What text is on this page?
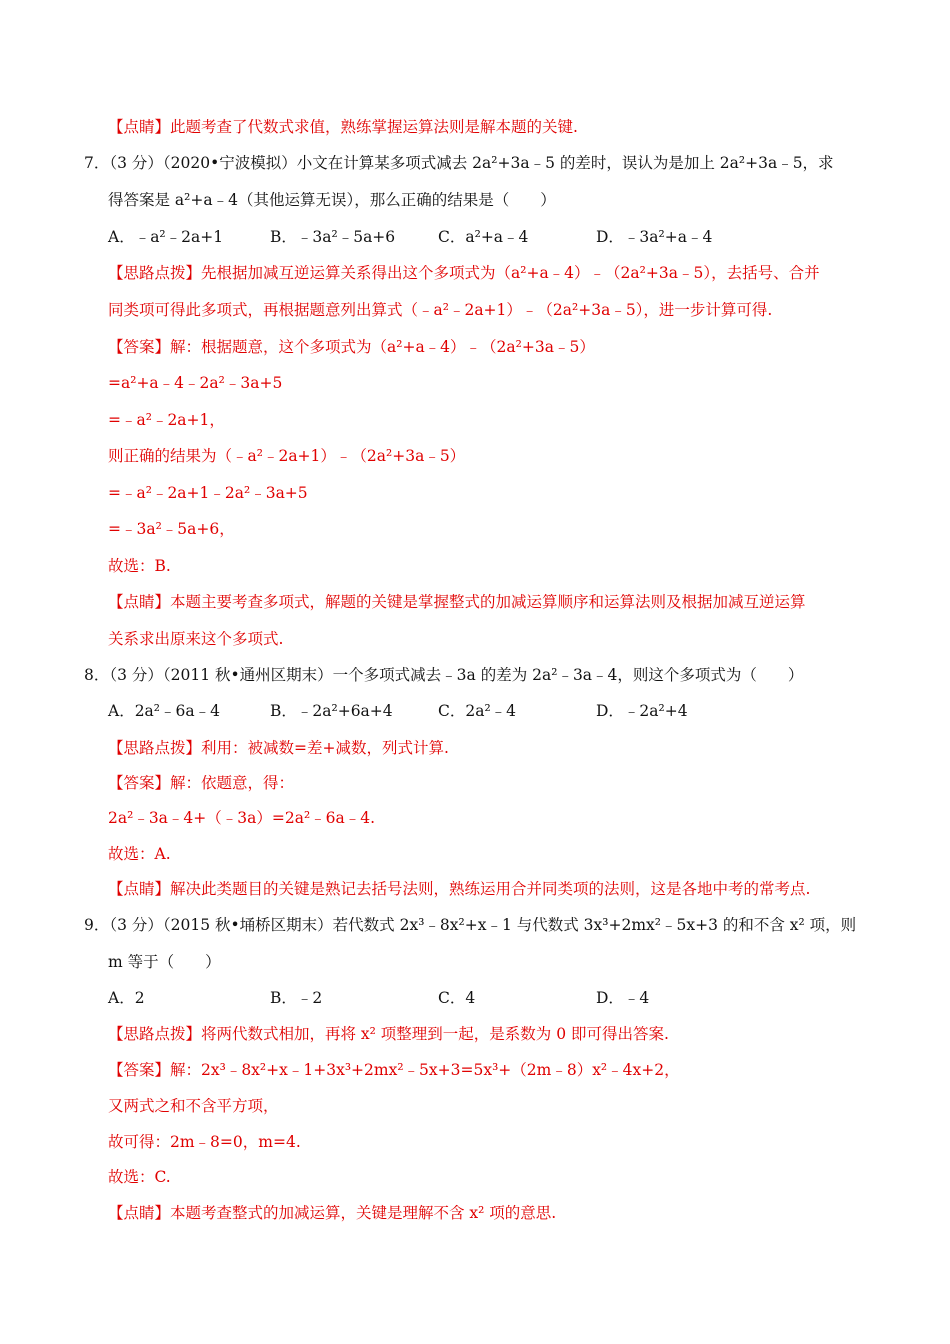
【点睛】此题考查了代数式求值，熟练掌握运算法则是解本题的关键.
7．（3 分）（2020•宁波模拟）小文在计算某多项式减去 2a²+3a﹣5 的差时，误认为是加上 2a²+3a﹣5，求
得答案是 a²+a﹣4（其他运算无误），那么正确的结果是（　　）
A．﹣a²﹣2a+1	B．﹣3a²﹣5a+6	C．a²+a﹣4	D．﹣3a²+a﹣4
【思路点拨】先根据加减互逆运算关系得出这个多项式为（a²+a﹣4）﹣（2a²+3a﹣5），去括号、合并
同类项可得此多项式，再根据题意列出算式（﹣a²﹣2a+1）﹣（2a²+3a﹣5），进一步计算可得.
【答案】解：根据题意，这个多项式为（a²+a﹣4）﹣（2a²+3a﹣5）
=a²+a﹣4﹣2a²﹣3a+5
=﹣a²﹣2a+1，
则正确的结果为（﹣a²﹣2a+1）﹣（2a²+3a﹣5）
=﹣a²﹣2a+1﹣2a²﹣3a+5
=﹣3a²﹣5a+6，
故选：B.
【点睛】本题主要考查多项式，解题的关键是掌握整式的加减运算顺序和运算法则及根据加减互逆运算
关系求出原来这个多项式.
8．（3 分）（2011 秋•通州区期末）一个多项式减去﹣3a 的差为 2a²﹣3a﹣4，则这个多项式为（　　）
A．2a²﹣6a﹣4	B．﹣2a²+6a+4	C．2a²﹣4	D．﹣2a²+4
【思路点拨】利用：被减数=差+减数，列式计算.
【答案】解：依题意，得：
2a²﹣3a﹣4+（﹣3a）=2a²﹣6a﹣4.
故选：A.
【点睛】解决此类题目的关键是熟记去括号法则，熟练运用合并同类项的法则，这是各地中考的常考点.
9．（3 分）（2015 秋•埇桥区期末）若代数式 2x³﹣8x²+x﹣1 与代数式 3x³+2mx²﹣5x+3 的和不含 x² 项，则
m 等于（　　）
A．2	B．﹣2	C．4	D．﹣4
【思路点拨】将两代数式相加，再将 x² 项整理到一起，是系数为 0 即可得出答案.
【答案】解：2x³﹣8x²+x﹣1+3x³+2mx²﹣5x+3=5x³+（2m﹣8）x²﹣4x+2，
又两式之和不含平方项，
故可得：2m﹣8=0，m=4.
故选：C.
【点睛】本题考查整式的加减运算，关键是理解不含 x² 项的意思.
